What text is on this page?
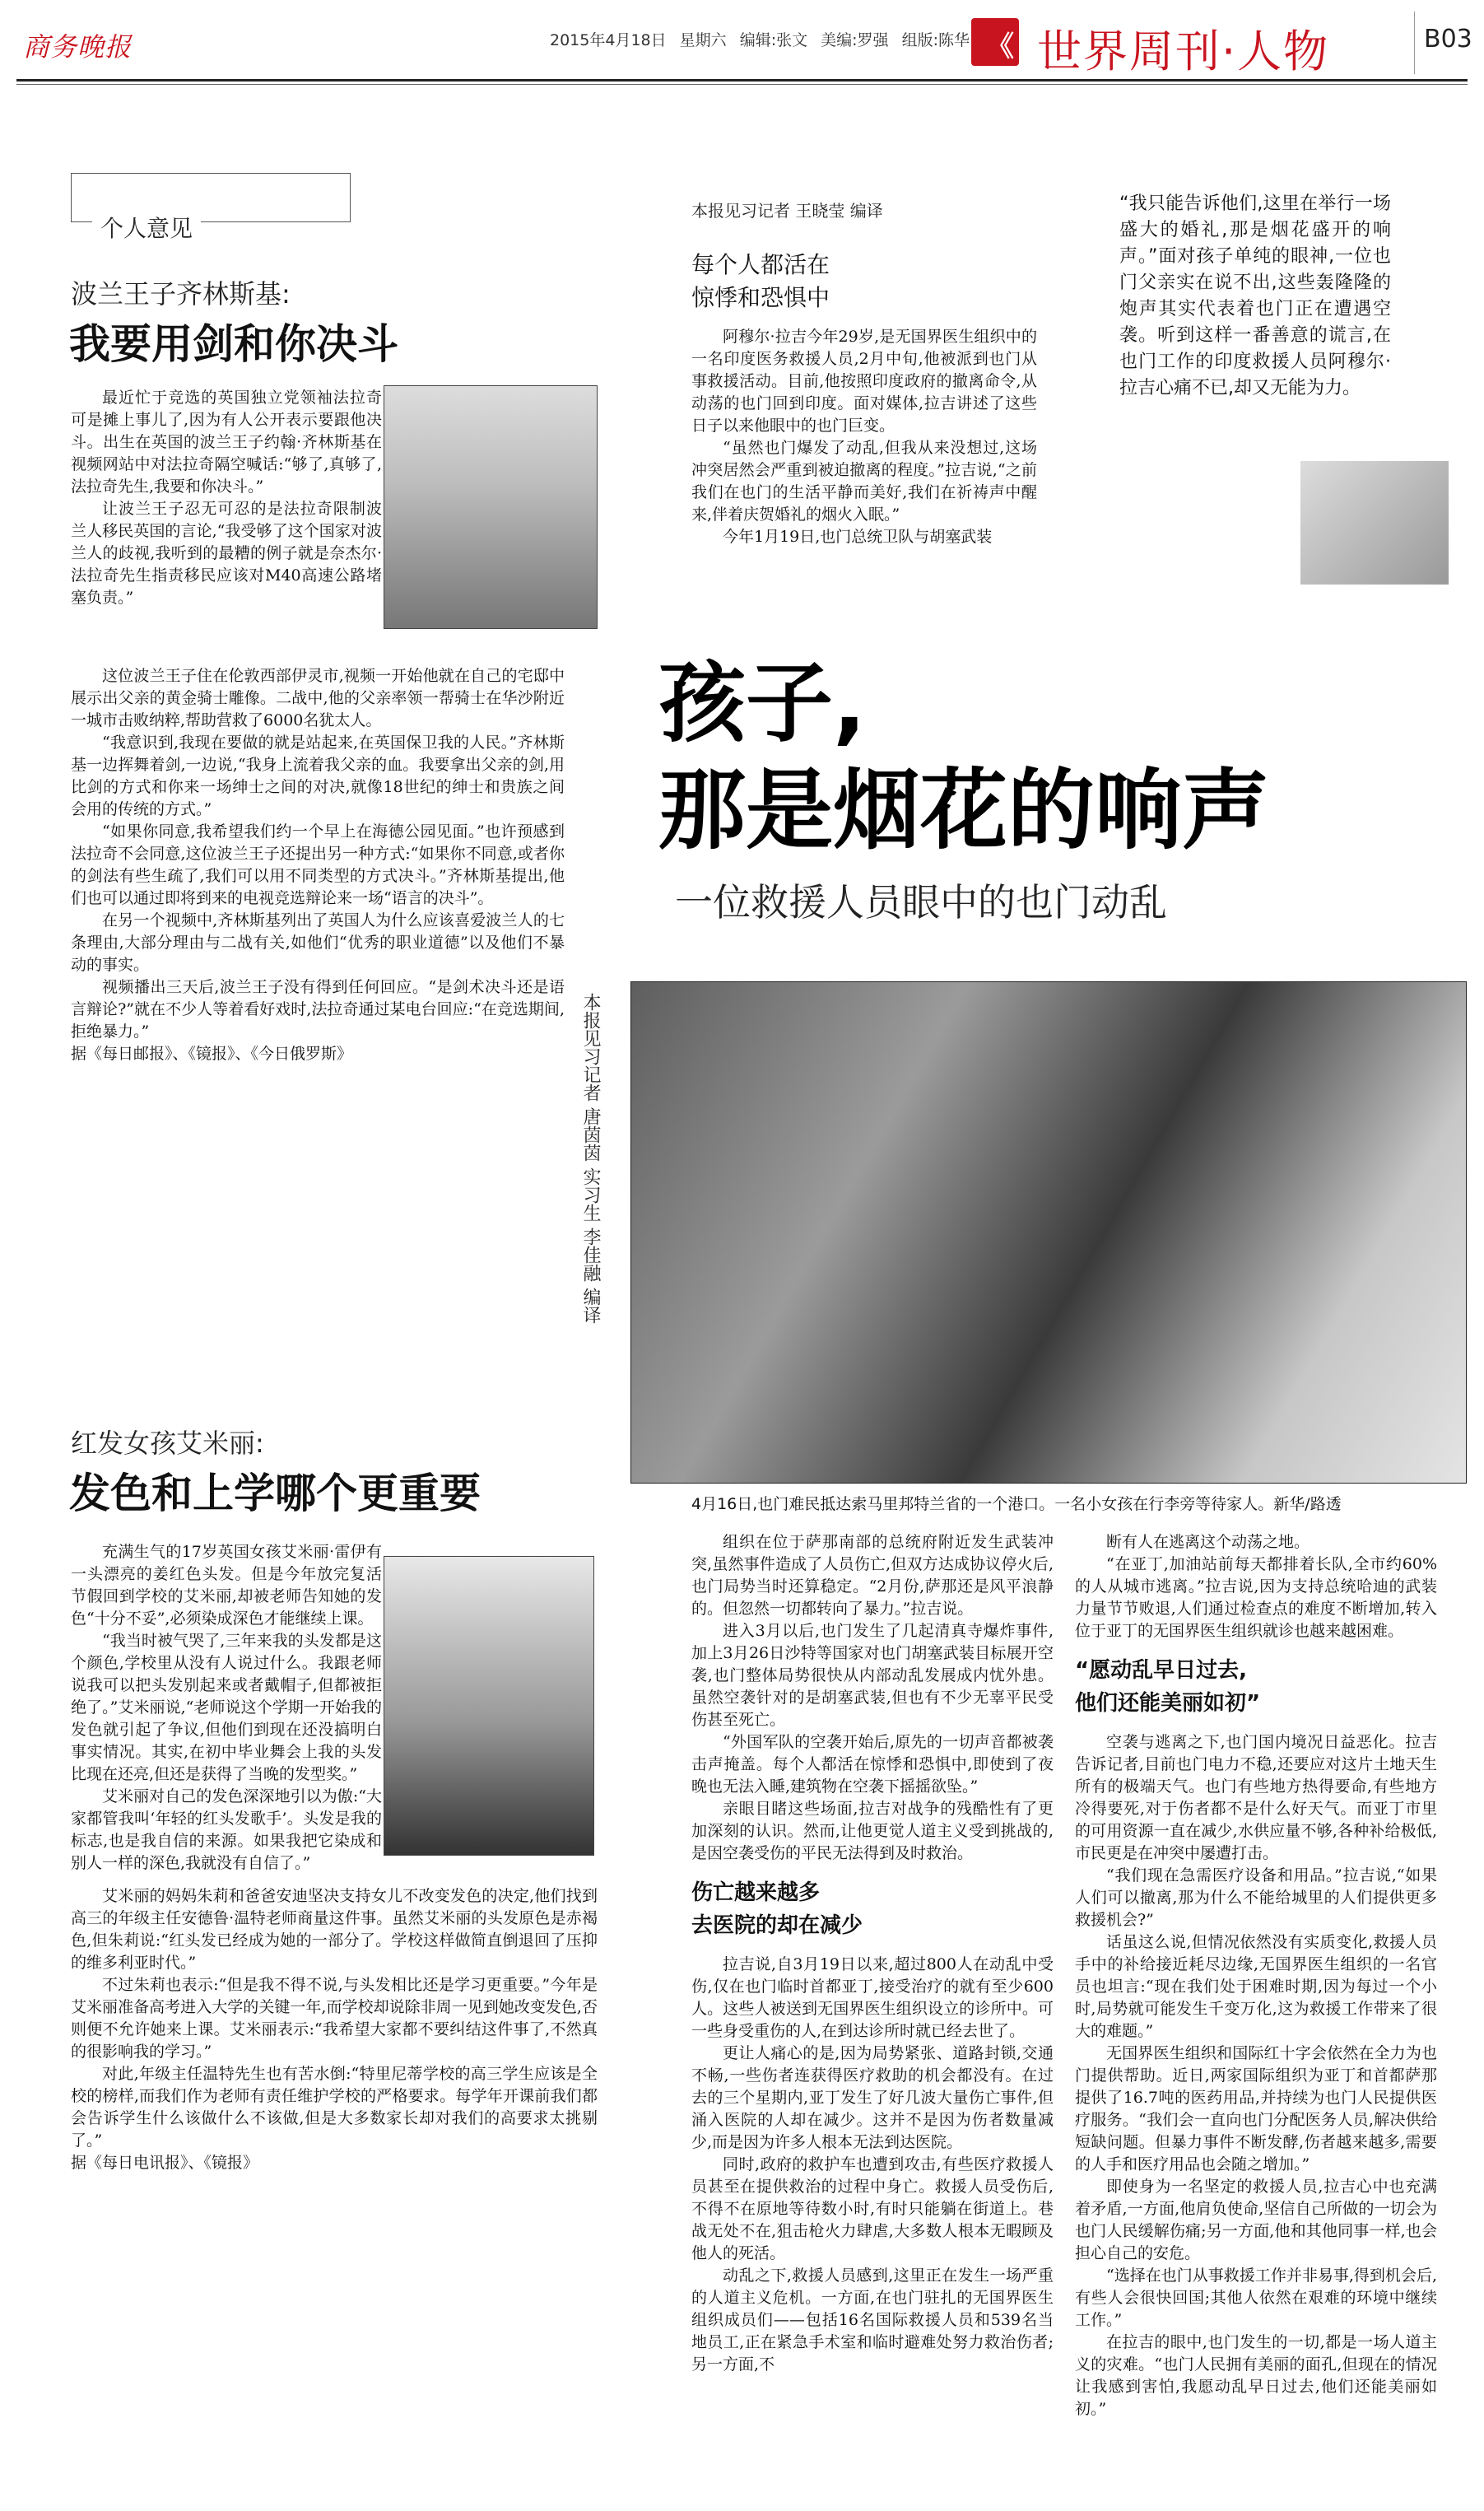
商务晚报	2015年4月18日 星期六 编辑:张文 美编:罗强 组版:陈华 《 世界周刊·人物	B03
个人意见
波兰王子齐林斯基:
我要用剑和你决斗

最近忙于竞选的英国独立党领袖法拉奇可是摊上事儿了,因为有人公开表示要跟他决斗。出生在英国的波兰王子约翰·齐林斯基在视频网站中对法拉奇隔空喊话:“够了,真够了,法拉奇先生,我要和你决斗。”

让波兰王子忍无可忍的是法拉奇限制波兰人移民英国的言论,“我受够了这个国家对波兰人的歧视,我听到的最糟的例子就是奈杰尔·法拉奇先生指责移民应该对M40高速公路堵塞负责。”

这位波兰王子住在伦敦西部伊灵市,视频一开始他就在自己的宅邸中展示出父亲的黄金骑士雕像。二战中,他的父亲率领一帮骑士在华沙附近一城市击败纳粹,帮助营救了6000名犹太人。

“我意识到,我现在要做的就是站起来,在英国保卫我的人民。”齐林斯基一边挥舞着剑,一边说,“我身上流着我父亲的血。我要拿出父亲的剑,用比剑的方式和你来一场绅士之间的对决,就像18世纪的绅士和贵族之间会用的传统的方式。”

“如果你同意,我希望我们约一个早上在海德公园见面。”也许预感到法拉奇不会同意,这位波兰王子还提出另一种方式:“如果你不同意,或者你的剑法有些生疏了,我们可以用不同类型的方式决斗。”齐林斯基提出,他们也可以通过即将到来的电视竞选辩论来一场“语言的决斗”。

在另一个视频中,齐林斯基列出了英国人为什么应该喜爱波兰人的七条理由,大部分理由与二战有关,如他们“优秀的职业道德”以及他们不暴动的事实。

视频播出三天后,波兰王子没有得到任何回应。“是剑术决斗还是语言辩论?”就在不少人等着看好戏时,法拉奇通过某电台回应:“在竞选期间,拒绝暴力。”

据《每日邮报》、《镜报》、《今日俄罗斯》	本报见习记者 唐茵茵 实习生 李佳融 编译
红发女孩艾米丽:
发色和上学哪个更重要

充满生气的17岁英国女孩艾米丽·雷伊有一头漂亮的姜红色头发。但是今年放完复活节假回到学校的艾米丽,却被老师告知她的发色“十分不妥”,必须染成深色才能继续上课。

“我当时被气哭了,三年来我的头发都是这个颜色,学校里从没有人说过什么。我跟老师说我可以把头发别起来或者戴帽子,但都被拒绝了。”艾米丽说,“老师说这个学期一开始我的发色就引起了争议,但他们到现在还没搞明白事实情况。其实,在初中毕业舞会上我的头发比现在还亮,但还是获得了当晚的发型奖。”

艾米丽对自己的发色深深地引以为傲:“大家都管我叫‘年轻的红头发歌手’。头发是我的标志,也是我自信的来源。如果我把它染成和别人一样的深色,我就没有自信了。”

艾米丽的妈妈朱莉和爸爸安迪坚决支持女儿不改变发色的决定,他们找到高三的年级主任安德鲁·温特老师商量这件事。虽然艾米丽的头发原色是赤褐色,但朱莉说:“红头发已经成为她的一部分了。学校这样做简直倒退回了压抑的维多利亚时代。”

不过朱莉也表示:“但是我不得不说,与头发相比还是学习更重要。”今年是艾米丽准备高考进入大学的关键一年,而学校却说除非周一见到她改变发色,否则便不允许她来上课。艾米丽表示:“我希望大家都不要纠结这件事了,不然真的很影响我的学习。”

对此,年级主任温特先生也有苦水倒:“特里尼蒂学校的高三学生应该是全校的榜样,而我们作为老师有责任维护学校的严格要求。每学年开课前我们都会告诉学生什么该做什么不该做,但是大多数家长却对我们的高要求太挑剔了。”

据《每日电讯报》、《镜报》

本报见习记者 王晓莹 编译
每个人都活在
惊悸和恐惧中

阿穆尔·拉吉今年29岁,是无国界医生组织中的一名印度医务救援人员,2月中旬,他被派到也门从事救援活动。目前,他按照印度政府的撤离命令,从动荡的也门回到印度。面对媒体,拉吉讲述了这些日子以来他眼中的也门巨变。

“虽然也门爆发了动乱,但我从来没想过,这场冲突居然会严重到被迫撤离的程度。”拉吉说,“之前我们在也门的生活平静而美好,我们在祈祷声中醒来,伴着庆贺婚礼的烟火入眠。”

今年1月19日,也门总统卫队与胡塞武装

“我只能告诉他们,这里在举行一场盛大的婚礼,那是烟花盛开的响声。”面对孩子单纯的眼神,一位也门父亲实在说不出,这些轰隆隆的炮声其实代表着也门正在遭遇空袭。听到这样一番善意的谎言,在也门工作的印度救援人员阿穆尔·拉吉心痛不已,却又无能为力。
孩子,
那是烟花的响声
一位救援人员眼中的也门动乱
4月16日,也门难民抵达索马里邦特兰省的一个港口。一名小女孩在行李旁等待家人。新华/路透

组织在位于萨那南部的总统府附近发生武装冲突,虽然事件造成了人员伤亡,但双方达成协议停火后,也门局势当时还算稳定。“2月份,萨那还是风平浪静的。但忽然一切都转向了暴力。”拉吉说。

进入3月以后,也门发生了几起清真寺爆炸事件,加上3月26日沙特等国家对也门胡塞武装目标展开空袭,也门整体局势很快从内部动乱发展成内忧外患。虽然空袭针对的是胡塞武装,但也有不少无辜平民受伤甚至死亡。

“外国军队的空袭开始后,原先的一切声音都被袭击声掩盖。每个人都活在惊悸和恐惧中,即使到了夜晚也无法入睡,建筑物在空袭下摇摇欲坠。”

亲眼目睹这些场面,拉吉对战争的残酷性有了更加深刻的认识。然而,让他更觉人道主义受到挑战的,是因空袭受伤的平民无法得到及时救治。

伤亡越来越多
去医院的却在减少

拉吉说,自3月19日以来,超过800人在动乱中受伤,仅在也门临时首都亚丁,接受治疗的就有至少600人。这些人被送到无国界医生组织设立的诊所中。可一些身受重伤的人,在到达诊所时就已经去世了。

更让人痛心的是,因为局势紧张、道路封锁,交通不畅,一些伤者连获得医疗救助的机会都没有。在过去的三个星期内,亚丁发生了好几波大量伤亡事件,但涌入医院的人却在减少。这并不是因为伤者数量减少,而是因为许多人根本无法到达医院。

同时,政府的救护车也遭到攻击,有些医疗救援人员甚至在提供救治的过程中身亡。救援人员受伤后,不得不在原地等待数小时,有时只能躺在街道上。巷战无处不在,狙击枪火力肆虐,大多数人根本无暇顾及他人的死活。

动乱之下,救援人员感到,这里正在发生一场严重的人道主义危机。一方面,在也门驻扎的无国界医生组织成员们——包括16名国际救援人员和539名当地员工,正在紧急手术室和临时避难处努力救治伤者;另一方面,不

断有人在逃离这个动荡之地。

“在亚丁,加油站前每天都排着长队,全市约60%的人从城市逃离。”拉吉说,因为支持总统哈迪的武装力量节节败退,人们通过检查点的难度不断增加,转入位于亚丁的无国界医生组织就诊也越来越困难。

“愿动乱早日过去,
他们还能美丽如初”

空袭与逃离之下,也门国内境况日益恶化。拉吉告诉记者,目前也门电力不稳,还要应对这片土地天生所有的极端天气。也门有些地方热得要命,有些地方冷得要死,对于伤者都不是什么好天气。而亚丁市里的可用资源一直在减少,水供应量不够,各种补给极低,市民更是在冲突中屡遭打击。

“我们现在急需医疗设备和用品。”拉吉说,“如果人们可以撤离,那为什么不能给城里的人们提供更多救援机会?”

话虽这么说,但情况依然没有实质变化,救援人员手中的补给接近耗尽边缘,无国界医生组织的一名官员也坦言:“现在我们处于困难时期,因为每过一个小时,局势就可能发生千变万化,这为救援工作带来了很大的难题。”

无国界医生组织和国际红十字会依然在全力为也门提供帮助。近日,两家国际组织为亚丁和首都萨那提供了16.7吨的医药用品,并持续为也门人民提供医疗服务。“我们会一直向也门分配医务人员,解决供给短缺问题。但暴力事件不断发酵,伤者越来越多,需要的人手和医疗用品也会随之增加。”

即使身为一名坚定的救援人员,拉吉心中也充满着矛盾,一方面,他肩负使命,坚信自己所做的一切会为也门人民缓解伤痛;另一方面,他和其他同事一样,也会担心自己的安危。

“选择在也门从事救援工作并非易事,得到机会后,有些人会很快回国;其他人依然在艰难的环境中继续工作。”

在拉吉的眼中,也门发生的一切,都是一场人道主义的灾难。“也门人民拥有美丽的面孔,但现在的情况让我感到害怕,我愿动乱早日过去,他们还能美丽如初。”
